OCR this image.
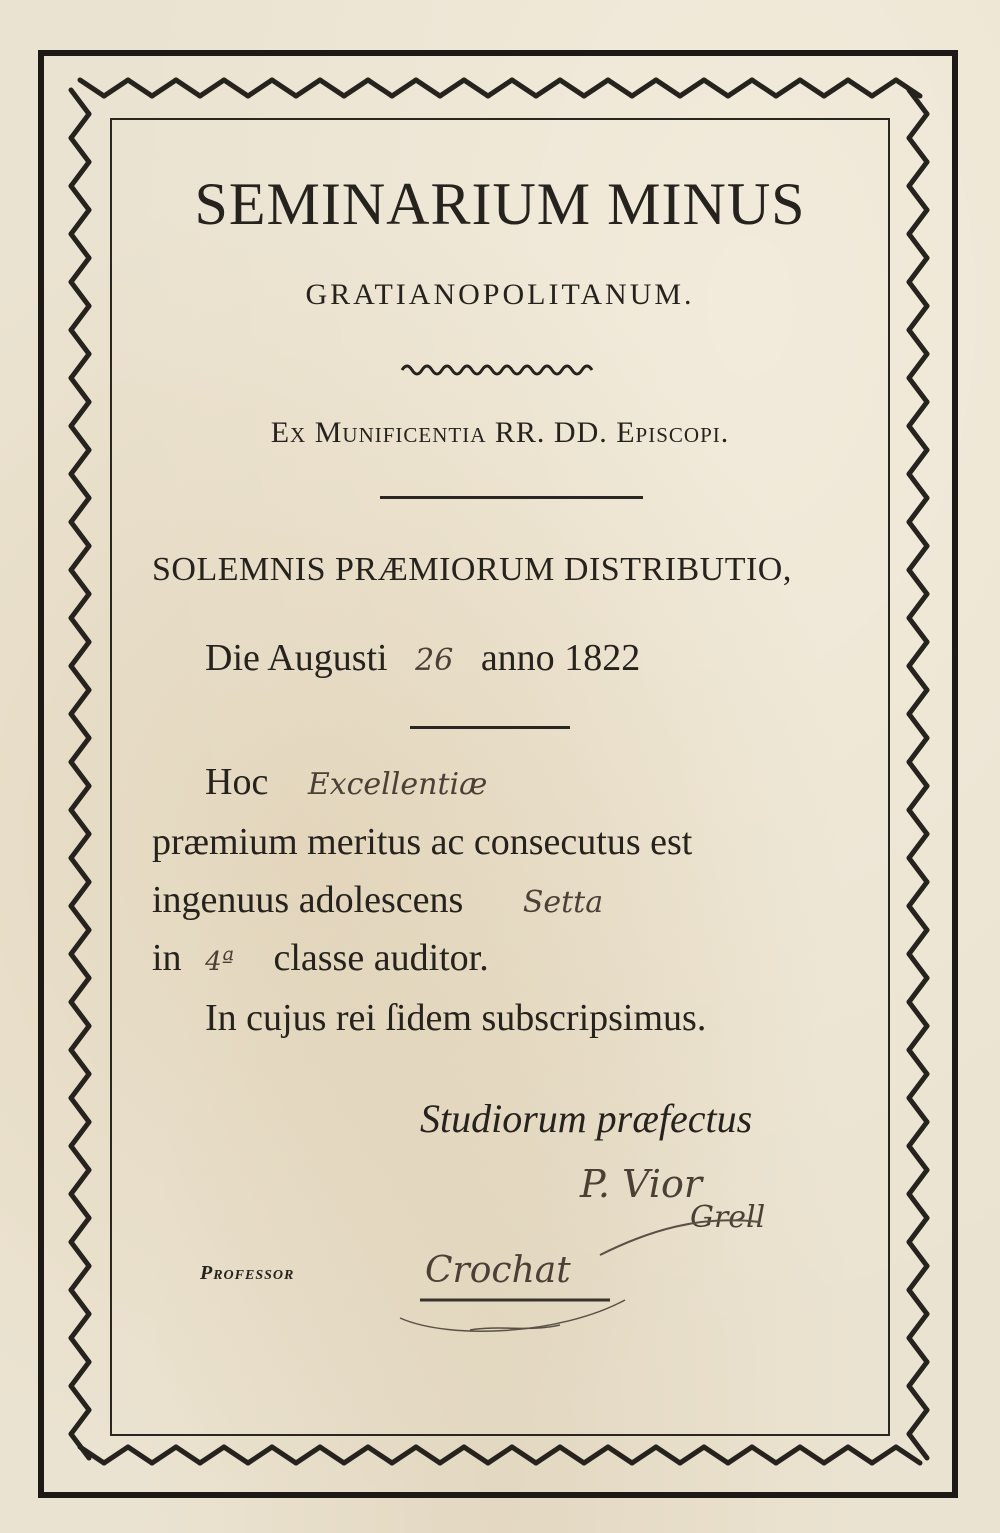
SEMINARIUM MINUS
GRATIANOPOLITANUM.
Ex Munificentia RR. DD. Episcopi.
SOLEMNIS PRÆMIORUM DISTRIBUTIO,
Die Augusti 26 anno 1822
Hoc Excellentiæ
præmium meritus ac consecutus est
ingenuus adolescens Setta
in 4ª classe auditor.
In cujus rei ſidem subscripsimus.
Studiorum præfectus
P. Vior
Grell
Professor	Crochat
